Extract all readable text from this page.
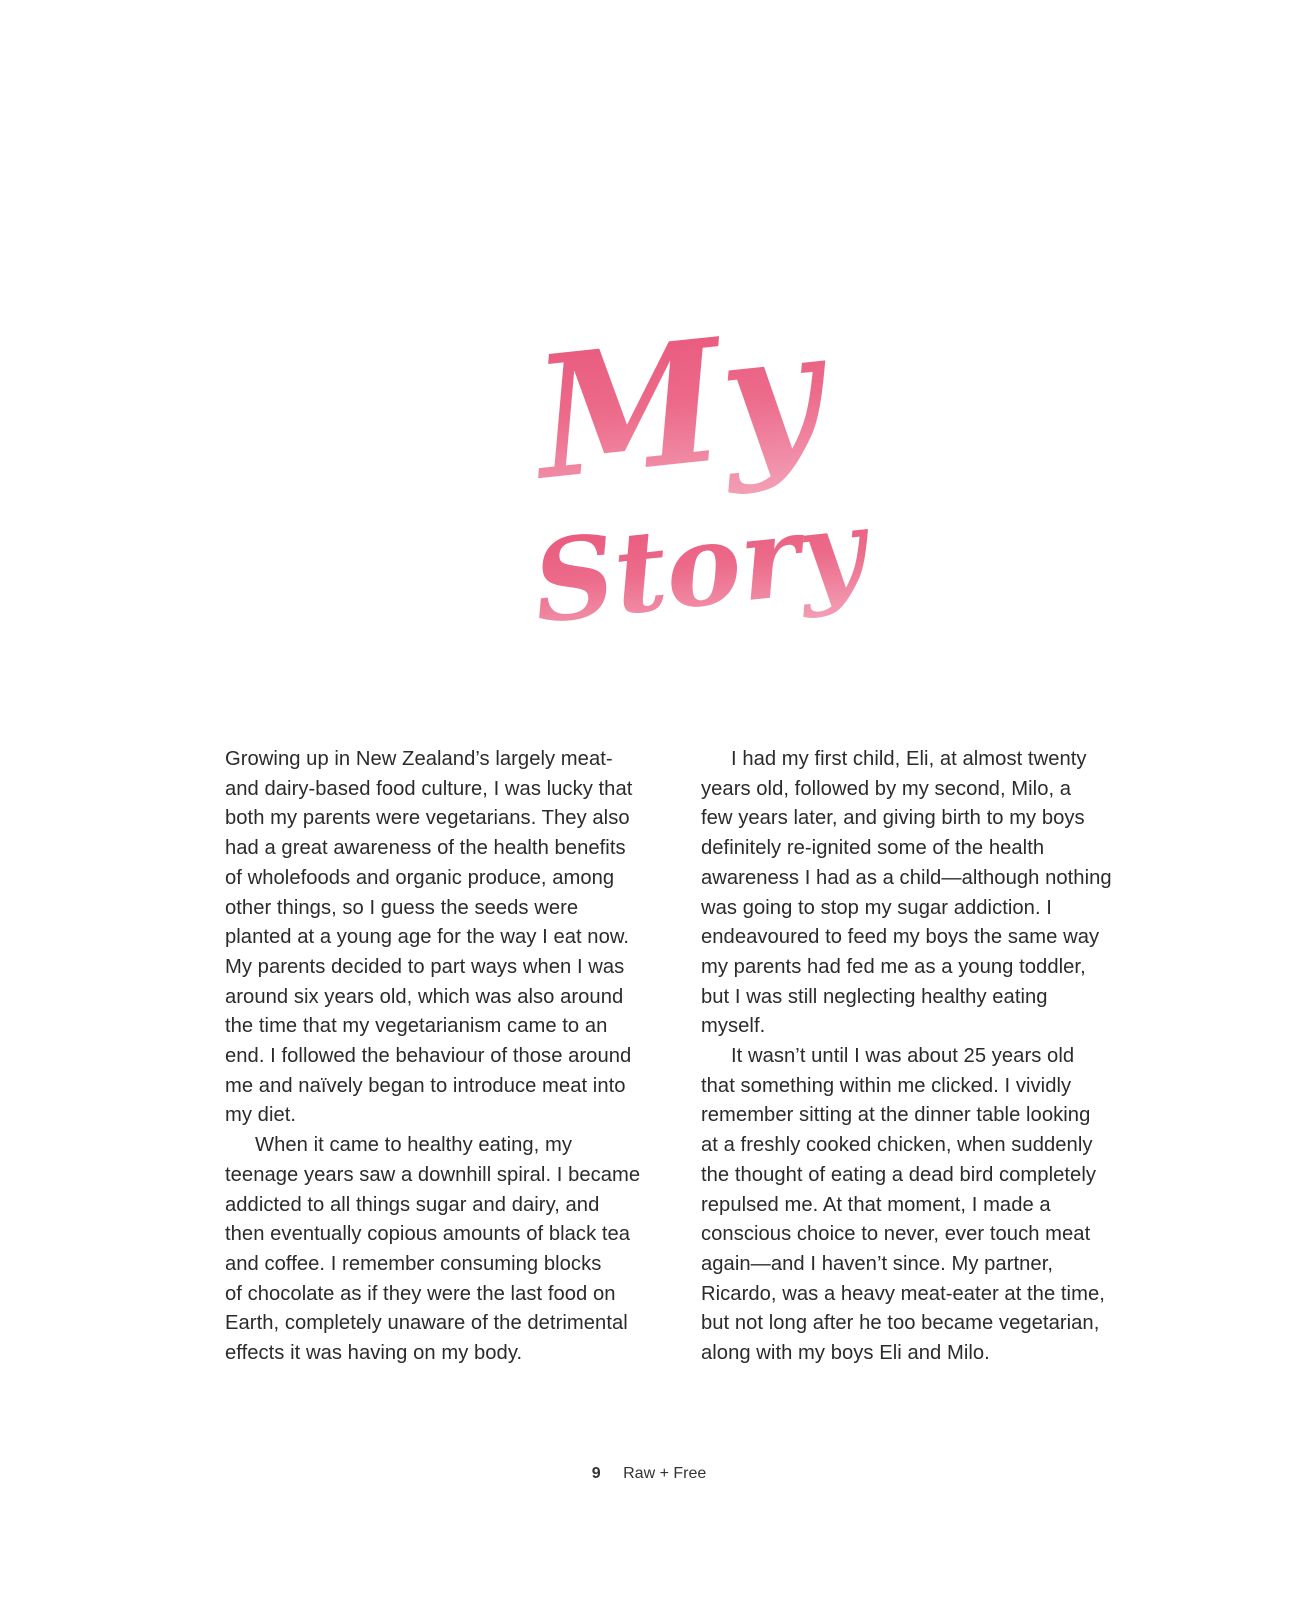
My
Story
Growing up in New Zealand’s largely meat-
and dairy-based food culture, I was lucky that
both my parents were vegetarians. They also
had a great awareness of the health benefits
of wholefoods and organic produce, among
other things, so I guess the seeds were
planted at a young age for the way I eat now.
My parents decided to part ways when I was
around six years old, which was also around
the time that my vegetarianism came to an
end. I followed the behaviour of those around
me and naïvely began to introduce meat into
my diet.
When it came to healthy eating, my
teenage years saw a downhill spiral. I became
addicted to all things sugar and dairy, and
then eventually copious amounts of black tea
and coffee. I remember consuming blocks
of chocolate as if they were the last food on
Earth, completely unaware of the detrimental
effects it was having on my body.
I had my first child, Eli, at almost twenty
years old, followed by my second, Milo, a
few years later, and giving birth to my boys
definitely re-ignited some of the health
awareness I had as a child—although nothing
was going to stop my sugar addiction. I
endeavoured to feed my boys the same way
my parents had fed me as a young toddler,
but I was still neglecting healthy eating
myself.
It wasn’t until I was about 25 years old
that something within me clicked. I vividly
remember sitting at the dinner table looking
at a freshly cooked chicken, when suddenly
the thought of eating a dead bird completely
repulsed me. At that moment, I made a
conscious choice to never, ever touch meat
again—and I haven’t since. My partner,
Ricardo, was a heavy meat-eater at the time,
but not long after he too became vegetarian,
along with my boys Eli and Milo.
9 Raw + Free
